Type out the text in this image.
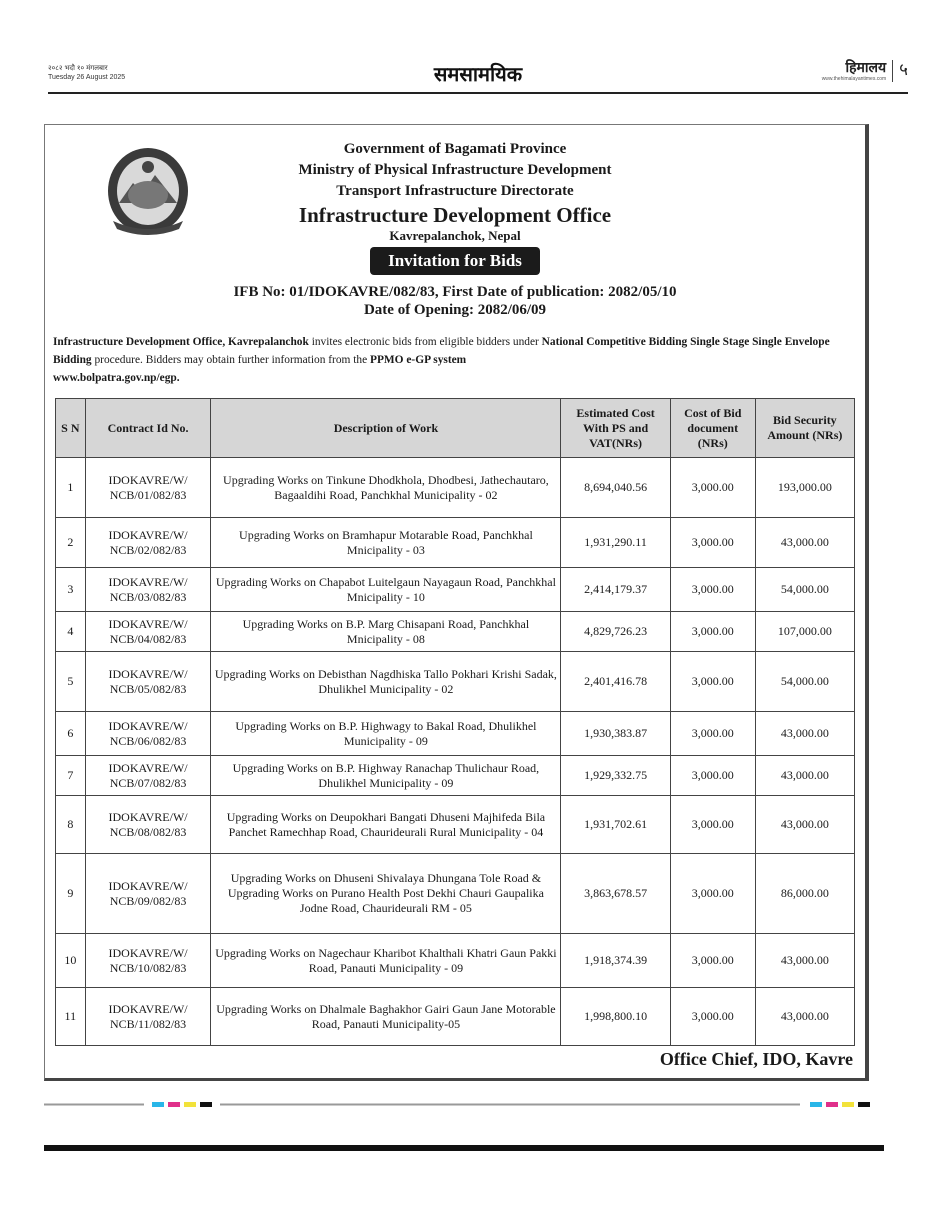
२०८२ भदौ १० मंगलबार
Tuesday 26 August 2025	समसामयिक	हिमालय
www.thehimalayantimes.com ५
Government of Bagamati Province
Ministry of Physical Infrastructure Development
Transport Infrastructure Directorate
Infrastructure Development Office
Kavrepalanchok, Nepal
Invitation for Bids
IFB No: 01/IDOKAVRE/082/83, First Date of publication: 2082/05/10
Date of Opening: 2082/06/09
Infrastructure Development Office, Kavrepalanchok invites electronic bids from eligible bidders under National Competitive Bidding Single Stage Single Envelope Bidding procedure. Bidders may obtain further information from the PPMO e-GP system
www.bolpatra.gov.np/egp.
S N	Contract Id No.	Description of Work	Estimated Cost With PS and VAT(NRs)	Cost of Bid document (NRs)	Bid Security Amount (NRs)
1	IDOKAVRE/W/ NCB/01/082/83	Upgrading Works on Tinkune Dhodkhola, Dhodbesi, Jathechautaro, Bagaaldihi Road, Panchkhal Municipality - 02	8,694,040.56	3,000.00	193,000.00
2	IDOKAVRE/W/ NCB/02/082/83	Upgrading Works on Bramhapur Motarable Road, Panchkhal Mnicipality - 03	1,931,290.11	3,000.00	43,000.00
3	IDOKAVRE/W/ NCB/03/082/83	Upgrading Works on Chapabot Luitelgaun Nayagaun Road, Panchkhal Mnicipality - 10	2,414,179.37	3,000.00	54,000.00
4	IDOKAVRE/W/ NCB/04/082/83	Upgrading Works on B.P. Marg Chisapani Road, Panchkhal Mnicipality - 08	4,829,726.23	3,000.00	107,000.00
5	IDOKAVRE/W/ NCB/05/082/83	Upgrading Works on Debisthan Nagdhiska Tallo Pokhari Krishi Sadak, Dhulikhel Municipality - 02	2,401,416.78	3,000.00	54,000.00
6	IDOKAVRE/W/ NCB/06/082/83	Upgrading Works on B.P. Highwagy to Bakal Road, Dhulikhel Municipality - 09	1,930,383.87	3,000.00	43,000.00
7	IDOKAVRE/W/ NCB/07/082/83	Upgrading Works on B.P. Highway Ranachap Thulichaur Road, Dhulikhel Municipality - 09	1,929,332.75	3,000.00	43,000.00
8	IDOKAVRE/W/ NCB/08/082/83	Upgrading Works on Deupokhari Bangati Dhuseni Majhifeda Bila Panchet Ramechhap Road, Chaurideurali Rural Municipality - 04	1,931,702.61	3,000.00	43,000.00
9	IDOKAVRE/W/ NCB/09/082/83	Upgrading Works on Dhuseni Shivalaya Dhungana Tole Road & Upgrading Works on Purano Health Post Dekhi Chauri Gaupalika Jodne Road, Chaurideurali RM - 05	3,863,678.57	3,000.00	86,000.00
10	IDOKAVRE/W/ NCB/10/082/83	Upgrading Works on Nagechaur Kharibot Khalthali Khatri Gaun Pakki Road, Panauti Municipality - 09	1,918,374.39	3,000.00	43,000.00
11	IDOKAVRE/W/ NCB/11/082/83	Upgrading Works on Dhalmale Baghakhor Gairi Gaun Jane Motorable Road, Panauti Municipality-05	1,998,800.10	3,000.00	43,000.00
Office Chief, IDO, Kavre
